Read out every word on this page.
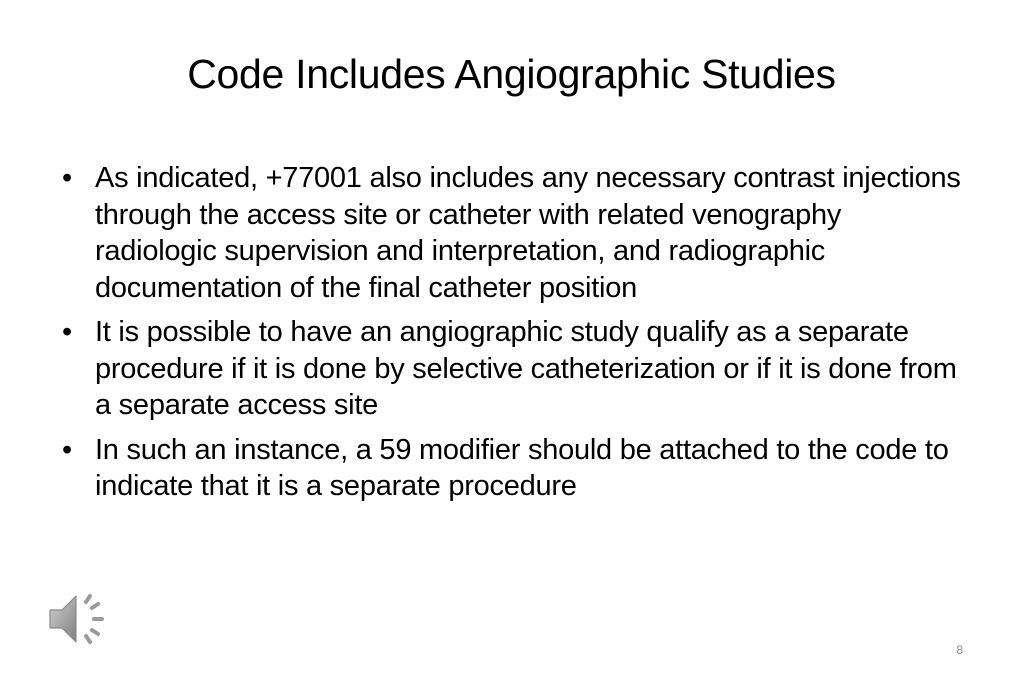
Code Includes Angiographic Studies
• As indicated, +77001 also includes any necessary contrast injections through the access site or catheter with related venography radiologic supervision and interpretation, and radiographic documentation of the final catheter position
• It is possible to have an angiographic study qualify as a separate procedure if it is done by selective catheterization or if it is done from a separate access site
• In such an instance, a 59 modifier should be attached to the code to indicate that it is a separate procedure
8
